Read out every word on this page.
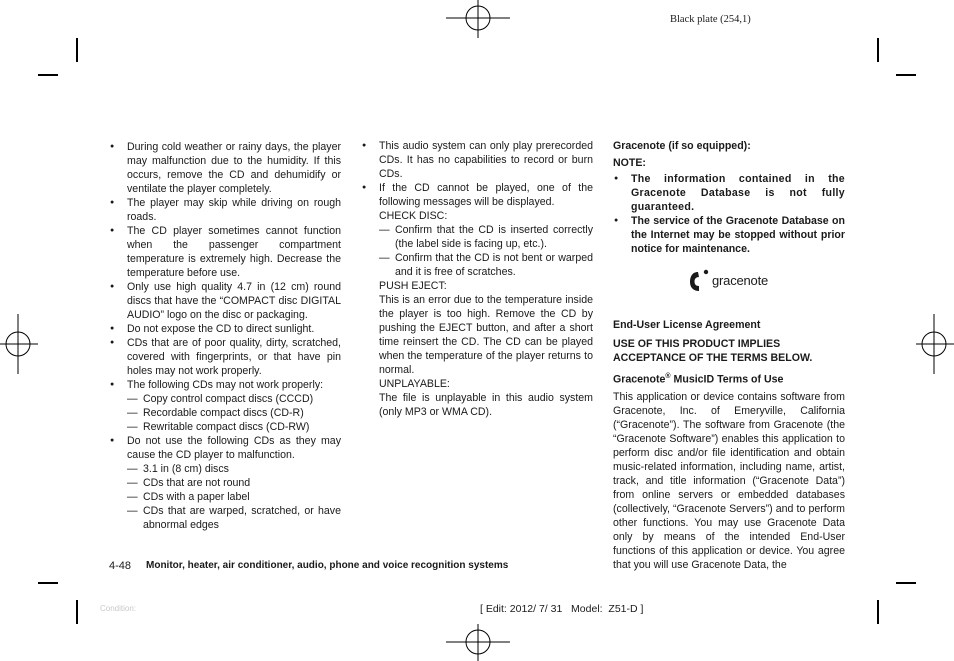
Black plate (254,1)

● During cold weather or rainy days, the player may malfunction due to the humidity. If this occurs, remove the CD and dehumidify or ventilate the player completely.

● The player may skip while driving on rough roads.

● The CD player sometimes cannot function when the passenger compartment temperature is extremely high. Decrease the temperature before use.

● Only use high quality 4.7 in (12 cm) round discs that have the “COMPACT disc DIGITAL AUDIO” logo on the disc or packaging.

● Do not expose the CD to direct sunlight.

● CDs that are of poor quality, dirty, scratched, covered with fingerprints, or that have pin holes may not work properly.

● The following CDs may not work properly:

— Copy control compact discs (CCCD)

— Recordable compact discs (CD-R)

— Rewritable compact discs (CD-RW)

● Do not use the following CDs as they may cause the CD player to malfunction.

— 3.1 in (8 cm) discs

— CDs that are not round

— CDs with a paper label

— CDs that are warped, scratched, or have abnormal edges

● This audio system can only play prerecorded CDs. It has no capabilities to record or burn CDs.

● If the CD cannot be played, one of the following messages will be displayed.

CHECK DISC:

— Confirm that the CD is inserted correctly (the label side is facing up, etc.).

— Confirm that the CD is not bent or warped and it is free of scratches.

PUSH EJECT:

This is an error due to the temperature inside the player is too high. Remove the CD by pushing the EJECT button, and after a short time reinsert the CD. The CD can be played when the temperature of the player returns to normal.

UNPLAYABLE:

The file is unplayable in this audio system (only MP3 or WMA CD).

Gracenote (if so equipped):

NOTE:

● The information contained in the Gracenote Database is not fully guaranteed.

● The service of the Gracenote Database on the Internet may be stopped without prior notice for maintenance.

gracenote

End-User License Agreement

USE OF THIS PRODUCT IMPLIES ACCEPTANCE OF THE TERMS BELOW.

Gracenote® MusicID Terms of Use

This application or device contains software from Gracenote, Inc. of Emeryville, California (“Gracenote”). The software from Gracenote (the “Gracenote Software”) enables this application to perform disc and/or file identification and obtain music-related information, including name, artist, track, and title information (“Gracenote Data”) from online servers or embedded databases (collectively, “Gracenote Servers”) and to perform other functions. You may use Gracenote Data only by means of the intended End-User functions of this application or device. You agree that you will use Gracenote Data, the

4-48 Monitor, heater, air conditioner, audio, phone and voice recognition systems
Condition:	[ Edit: 2012/ 7/ 31   Model:  Z51-D ]
